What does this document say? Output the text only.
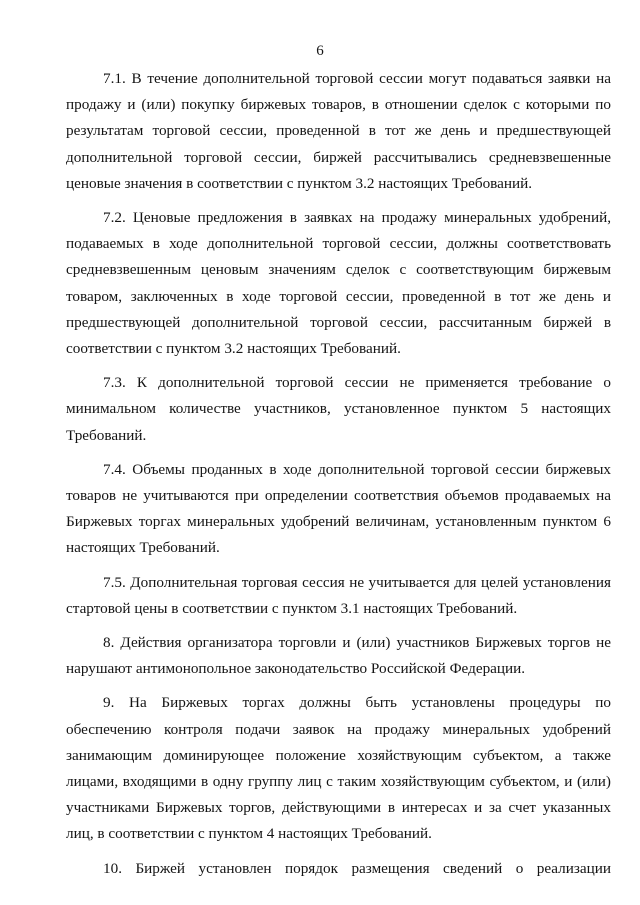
6

7.1. В течение дополнительной торговой сессии могут подаваться заявки на продажу и (или) покупку биржевых товаров, в отношении сделок с которыми по результатам торговой сессии, проведенной в тот же день и предшествующей дополнительной торговой сессии, биржей рассчитывались средневзвешенные ценовые значения в соответствии с пунктом 3.2 настоящих Требований.

7.2. Ценовые предложения в заявках на продажу минеральных удобрений, подаваемых в ходе дополнительной торговой сессии, должны соответствовать средневзвешенным ценовым значениям сделок с соответствующим биржевым товаром, заключенных в ходе торговой сессии, проведенной в тот же день и предшествующей дополнительной торговой сессии, рассчитанным биржей в соответствии с пунктом 3.2 настоящих Требований.

7.3. К дополнительной торговой сессии не применяется требование о минимальном количестве участников, установленное пунктом 5 настоящих Требований.

7.4. Объемы проданных в ходе дополнительной торговой сессии биржевых товаров не учитываются при определении соответствия объемов продаваемых на Биржевых торгах минеральных удобрений величинам, установленным пунктом 6 настоящих Требований.

7.5. Дополнительная торговая сессия не учитывается для целей установления стартовой цены в соответствии с пунктом 3.1 настоящих Требований.

8. Действия организатора торговли и (или) участников Биржевых торгов не нарушают антимонопольное законодательство Российской Федерации.

9. На Биржевых торгах должны быть установлены процедуры по обеспечению контроля подачи заявок на продажу минеральных удобрений занимающим доминирующее положение хозяйствующим субъектом, а также лицами, входящими в одну группу лиц с таким хозяйствующим субъектом, и (или) участниками Биржевых торгов, действующими в интересах и за счет указанных лиц, в соответствии с пунктом 4 настоящих Требований.

10. Биржей установлен порядок размещения сведений о реализации
